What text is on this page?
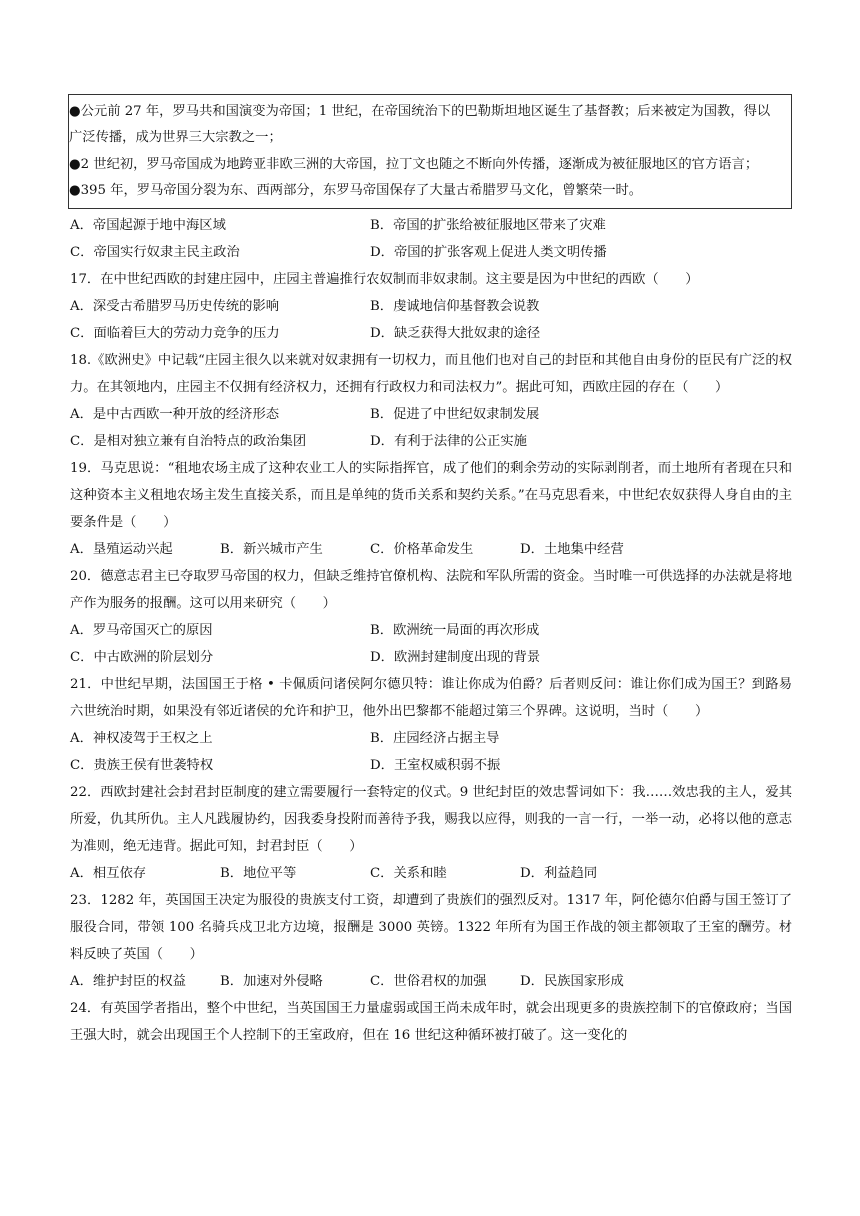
●公元前 27 年，罗马共和国演变为帝国；1 世纪，在帝国统治下的巴勒斯坦地区诞生了基督教；后来被定为国教，得以广泛传播，成为世界三大宗教之一；

●2 世纪初，罗马帝国成为地跨亚非欧三洲的大帝国，拉丁文也随之不断向外传播，逐渐成为被征服地区的官方语言；

●395 年，罗马帝国分裂为东、西两部分，东罗马帝国保存了大量古希腊罗马文化，曾繁荣一时。

A．帝国起源于地中海区域	B．帝国的扩张给被征服地区带来了灾难
C．帝国实行奴隶主民主政治	D．帝国的扩张客观上促进人类文明传播
17．在中世纪西欧的封建庄园中，庄园主普遍推行农奴制而非奴隶制。这主要是因为中世纪的西欧（　　）
A．深受古希腊罗马历史传统的影响	B．虔诚地信仰基督教会说教
C．面临着巨大的劳动力竞争的压力	D．缺乏获得大批奴隶的途径
18.《欧洲史》中记载“庄园主很久以来就对奴隶拥有一切权力，而且他们也对自己的封臣和其他自由身份的臣民有广泛的权力。在其领地内，庄园主不仅拥有经济权力，还拥有行政权力和司法权力”。据此可知，西欧庄园的存在（　　）
A．是中古西欧一种开放的经济形态	B．促进了中世纪奴隶制发展
C．是相对独立兼有自治特点的政治集团	D．有利于法律的公正实施
19．马克思说：“租地农场主成了这种农业工人的实际指挥官，成了他们的剩余劳动的实际剥削者，而土地所有者现在只和这种资本主义租地农场主发生直接关系，而且是单纯的货币关系和契约关系。”在马克思看来，中世纪农奴获得人身自由的主要条件是（　　）
A．垦殖运动兴起	B．新兴城市产生	C．价格革命发生	D．土地集中经营
20．德意志君主已夺取罗马帝国的权力，但缺乏维持官僚机构、法院和军队所需的资金。当时唯一可供选择的办法就是将地产作为服务的报酬。这可以用来研究（　　）
A．罗马帝国灭亡的原因	B．欧洲统一局面的再次形成
C．中古欧洲的阶层划分	D．欧洲封建制度出现的背景
21．中世纪早期，法国国王于格 • 卡佩质问诸侯阿尔德贝特：谁让你成为伯爵？后者则反问：谁让你们成为国王？到路易六世统治时期，如果没有邻近诸侯的允许和护卫，他外出巴黎都不能超过第三个界碑。这说明，当时（　　）
A．神权凌驾于王权之上	B．庄园经济占据主导
C．贵族王侯有世袭特权	D．王室权威积弱不振
22．西欧封建社会封君封臣制度的建立需要履行一套特定的仪式。9 世纪封臣的效忠誓词如下：我……效忠我的主人，爱其所爱，仇其所仇。主人凡践履协约，因我委身投附而善待予我，赐我以应得，则我的一言一行，一举一动，必将以他的意志为准则，绝无违背。据此可知，封君封臣（　　）
A．相互依存	B．地位平等	C．关系和睦	D．利益趋同
23．1282 年，英国国王决定为服役的贵族支付工资，却遭到了贵族们的强烈反对。1317 年，阿伦德尔伯爵与国王签订了服役合同，带领 100 名骑兵戍卫北方边境，报酬是 3000 英镑。1322 年所有为国王作战的领主都领取了王室的酬劳。材料反映了英国（　　）
A．维护封臣的权益	B．加速对外侵略	C．世俗君权的加强	D．民族国家形成
24．有英国学者指出，整个中世纪，当英国国王力量虚弱或国王尚未成年时，就会出现更多的贵族控制下的官僚政府；当国王强大时，就会出现国王个人控制下的王室政府，但在 16 世纪这种循环被打破了。这一变化的
